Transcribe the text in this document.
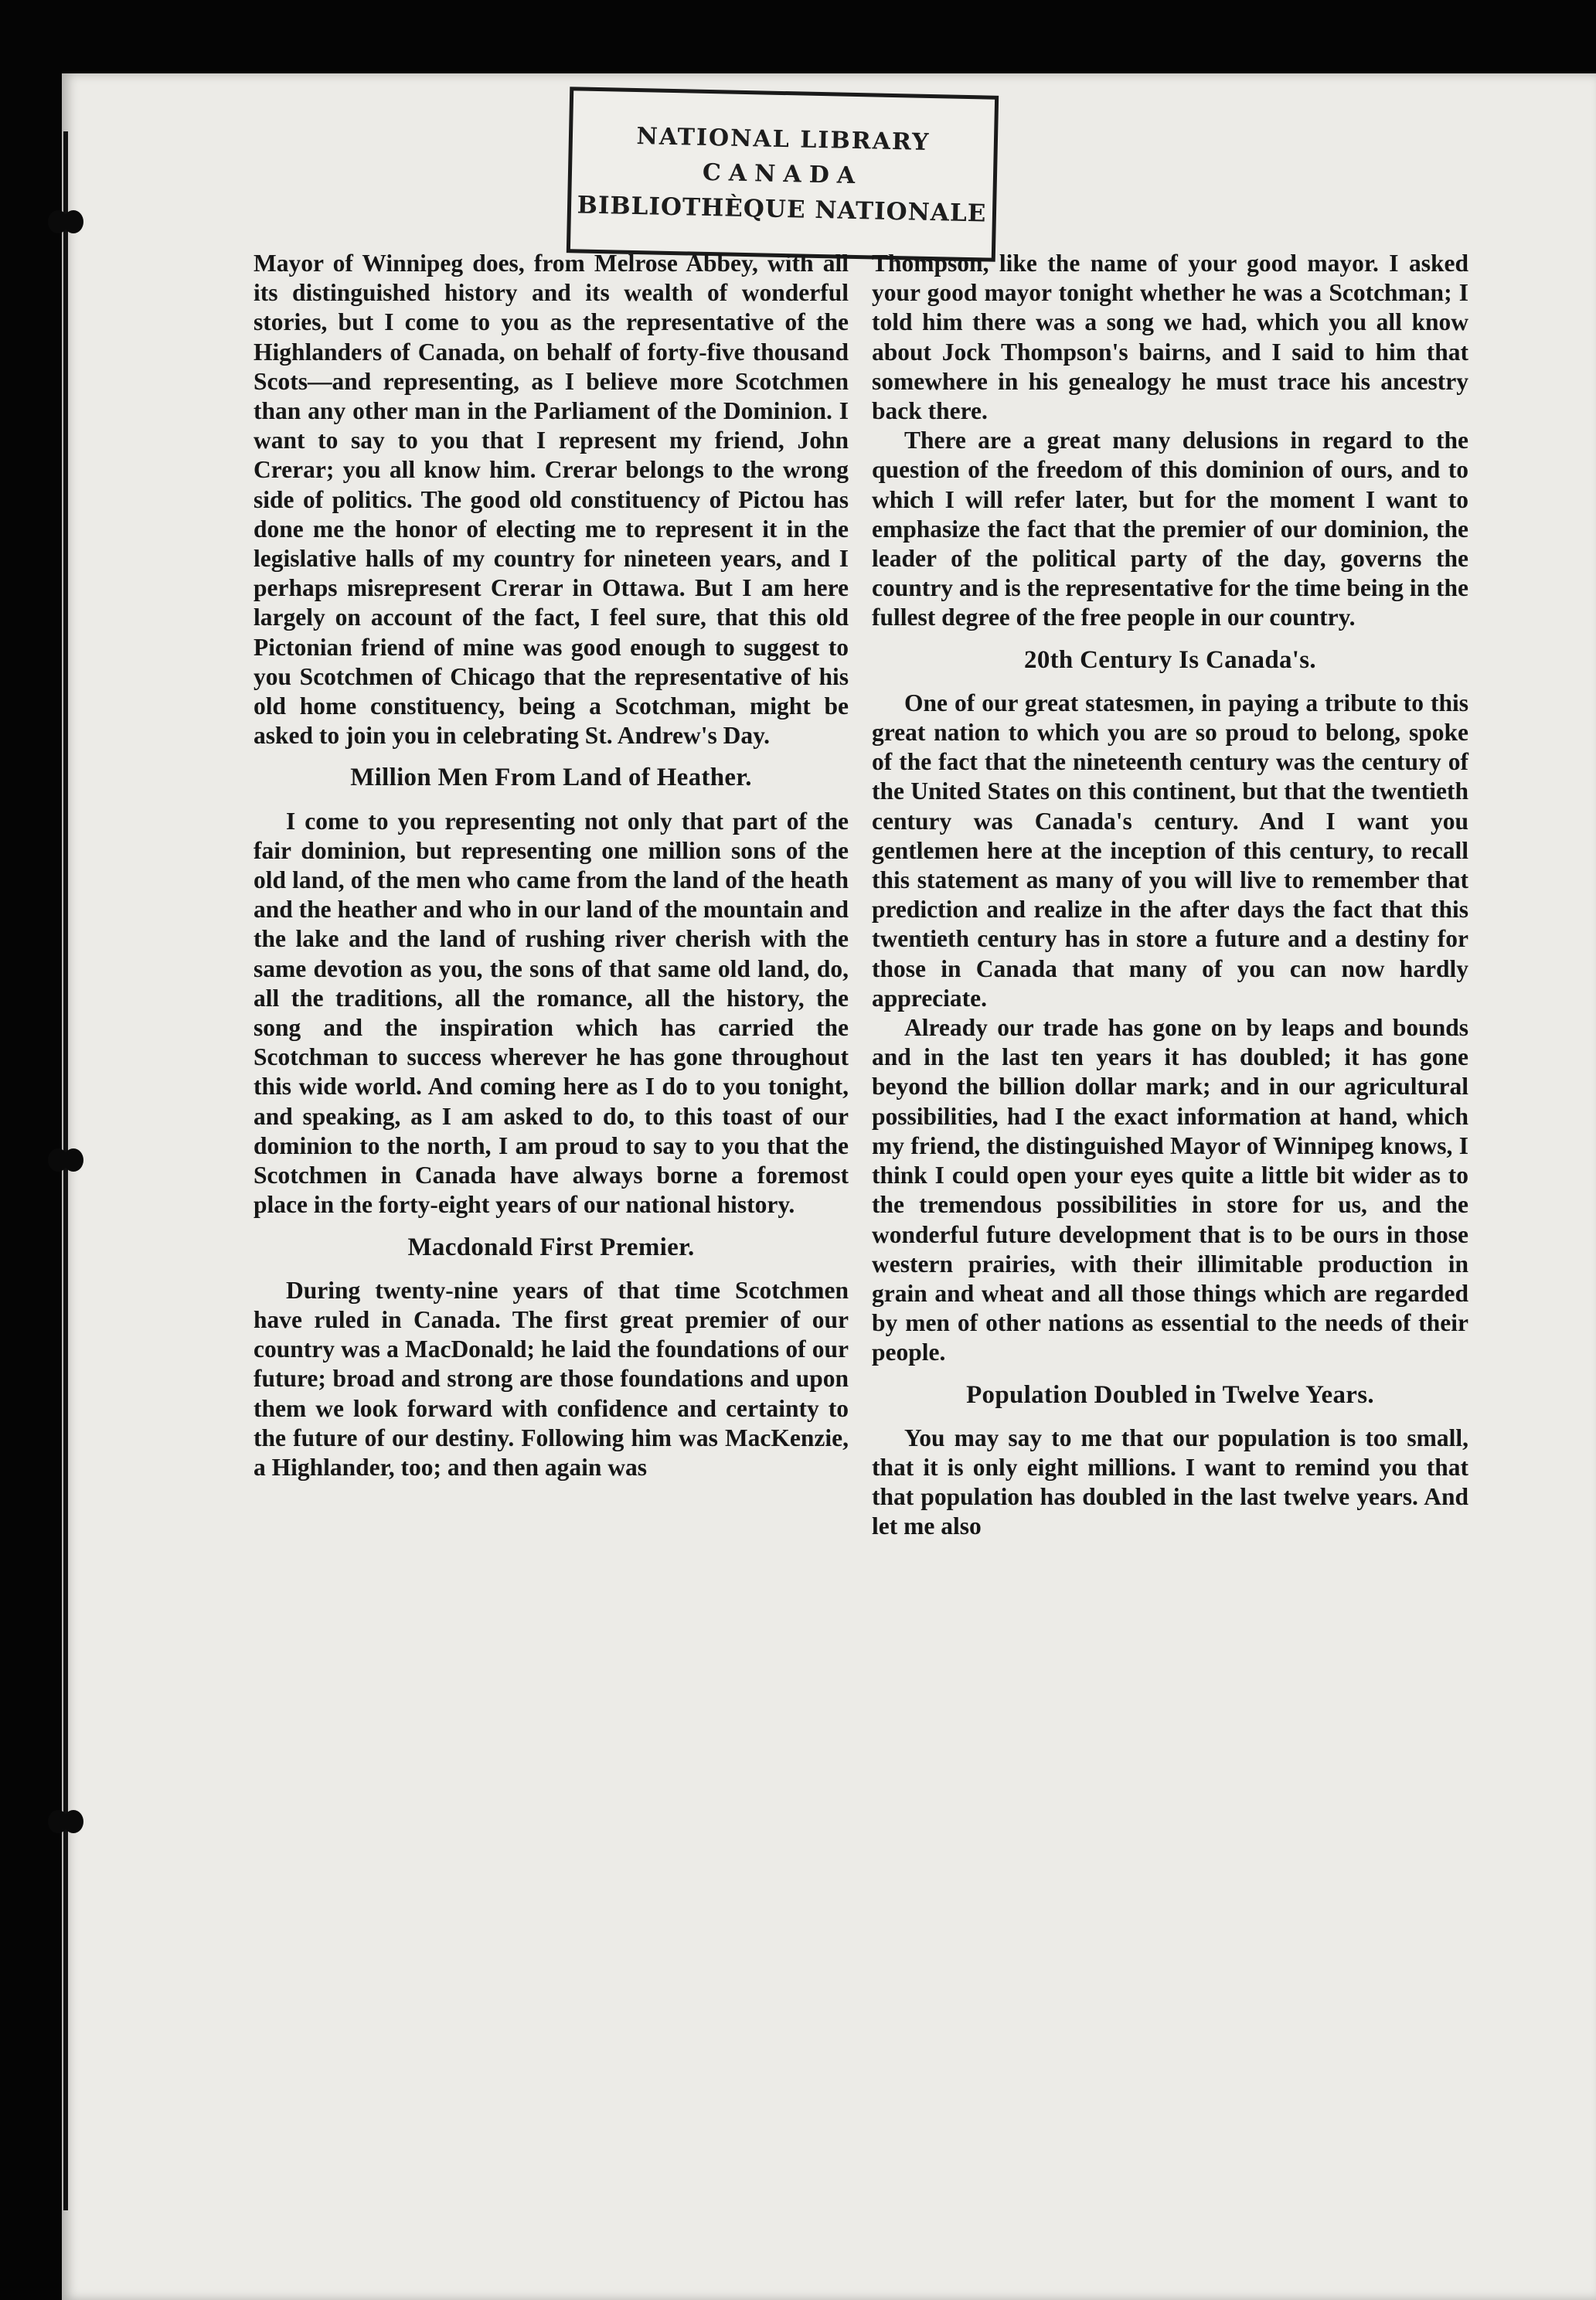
NATIONAL LIBRARY
CANADA
BIBLIOTHÈQUE NATIONALE

Mayor of Winnipeg does, from Melrose Abbey, with all its distinguished history and its wealth of wonderful stories, but I come to you as the representative of the Highlanders of Canada, on behalf of forty-five thousand Scots—and representing, as I believe more Scotchmen than any other man in the Parliament of the Dominion. I want to say to you that I represent my friend, John Crerar; you all know him. Crerar belongs to the wrong side of politics. The good old constituency of Pictou has done me the honor of electing me to represent it in the legislative halls of my country for nineteen years, and I perhaps misrepresent Crerar in Ottawa. But I am here largely on account of the fact, I feel sure, that this old Pictonian friend of mine was good enough to suggest to you Scotchmen of Chicago that the representative of his old home constituency, being a Scotchman, might be asked to join you in celebrating St. Andrew's Day.

Million Men From Land of Heather.

I come to you representing not only that part of the fair dominion, but representing one million sons of the old land, of the men who came from the land of the heath and the heather and who in our land of the mountain and the lake and the land of rushing river cherish with the same devotion as you, the sons of that same old land, do, all the traditions, all the romance, all the history, the song and the inspiration which has carried the Scotchman to success wherever he has gone throughout this wide world. And coming here as I do to you tonight, and speaking, as I am asked to do, to this toast of our dominion to the north, I am proud to say to you that the Scotchmen in Canada have always borne a foremost place in the forty-eight years of our national history.

Macdonald First Premier.

During twenty-nine years of that time Scotchmen have ruled in Canada. The first great premier of our country was a MacDonald; he laid the foundations of our future; broad and strong are those foundations and upon them we look forward with confidence and certainty to the future of our destiny. Following him was MacKenzie, a Highlander, too; and then again was

Thompson, like the name of your good mayor. I asked your good mayor tonight whether he was a Scotchman; I told him there was a song we had, which you all know about Jock Thompson's bairns, and I said to him that somewhere in his genealogy he must trace his ancestry back there.

There are a great many delusions in regard to the question of the freedom of this dominion of ours, and to which I will refer later, but for the moment I want to emphasize the fact that the premier of our dominion, the leader of the political party of the day, governs the country and is the representative for the time being in the fullest degree of the free people in our country.

20th Century Is Canada's.

One of our great statesmen, in paying a tribute to this great nation to which you are so proud to belong, spoke of the fact that the nineteenth century was the century of the United States on this continent, but that the twentieth century was Canada's century. And I want you gentlemen here at the inception of this century, to recall this statement as many of you will live to remember that prediction and realize in the after days the fact that this twentieth century has in store a future and a destiny for those in Canada that many of you can now hardly appreciate.

Already our trade has gone on by leaps and bounds and in the last ten years it has doubled; it has gone beyond the billion dollar mark; and in our agricultural possibilities, had I the exact information at hand, which my friend, the distinguished Mayor of Winnipeg knows, I think I could open your eyes quite a little bit wider as to the tremendous possibilities in store for us, and the wonderful future development that is to be ours in those western prairies, with their illimitable production in grain and wheat and all those things which are regarded by men of other nations as essential to the needs of their people.

Population Doubled in Twelve Years.

You may say to me that our population is too small, that it is only eight millions. I want to remind you that that population has doubled in the last twelve years. And let me also
